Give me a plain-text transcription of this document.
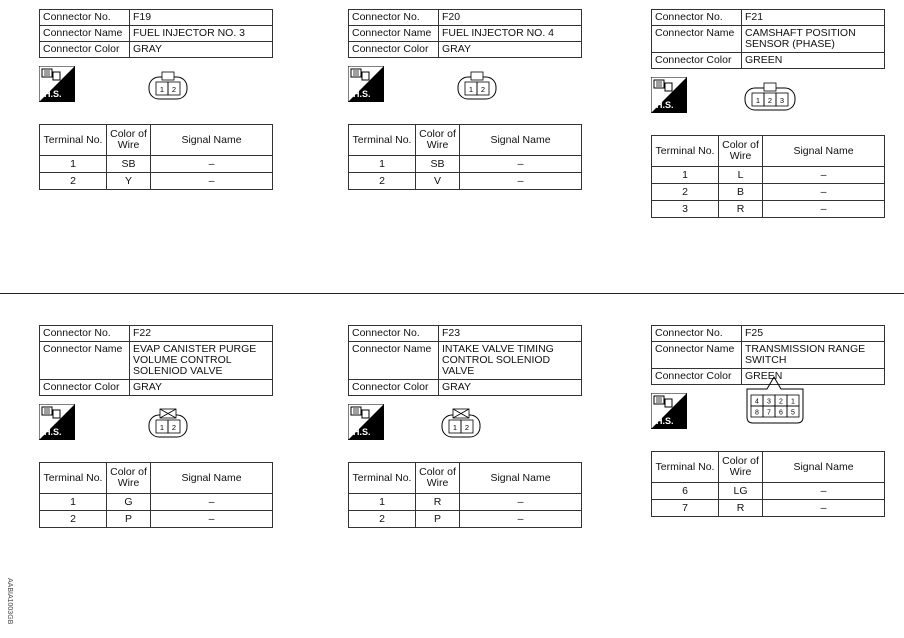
Connector No.	F19
Connector Name	FUEL INJECTOR NO. 3
Connector Color	GRAY
H.S.	1 2
Terminal No.	Color of Wire	Signal Name
1	SB	–
2	Y	–
Connector No.	F20
Connector Name	FUEL INJECTOR NO. 4
Connector Color	GRAY
H.S.	1 2
Terminal No.	Color of Wire	Signal Name
1	SB	–
2	V	–
Connector No.	F21
Connector Name	CAMSHAFT POSITION SENSOR (PHASE)
Connector Color	GREEN
H.S.	1 2 3
Terminal No.	Color of Wire	Signal Name
1	L	–
2	B	–
3	R	–
Connector No.	F22
Connector Name	EVAP CANISTER PURGE VOLUME CONTROL SOLENIOD VALVE
Connector Color	GRAY
H.S.	1 2
Terminal No.	Color of Wire	Signal Name
1	G	–
2	P	–
Connector No.	F23
Connector Name	INTAKE VALVE TIMING CONTROL SOLENIOD VALVE
Connector Color	GRAY
H.S.	1 2
Terminal No.	Color of Wire	Signal Name
1	R	–
2	P	–
Connector No.	F25
Connector Name	TRANSMISSION RANGE SWITCH
Connector Color	GREEN
H.S.
4 3 2 1
8 7 6 5
Terminal No.	Color of Wire	Signal Name
6	LG	–
7	R	–
AABIA1003GB
